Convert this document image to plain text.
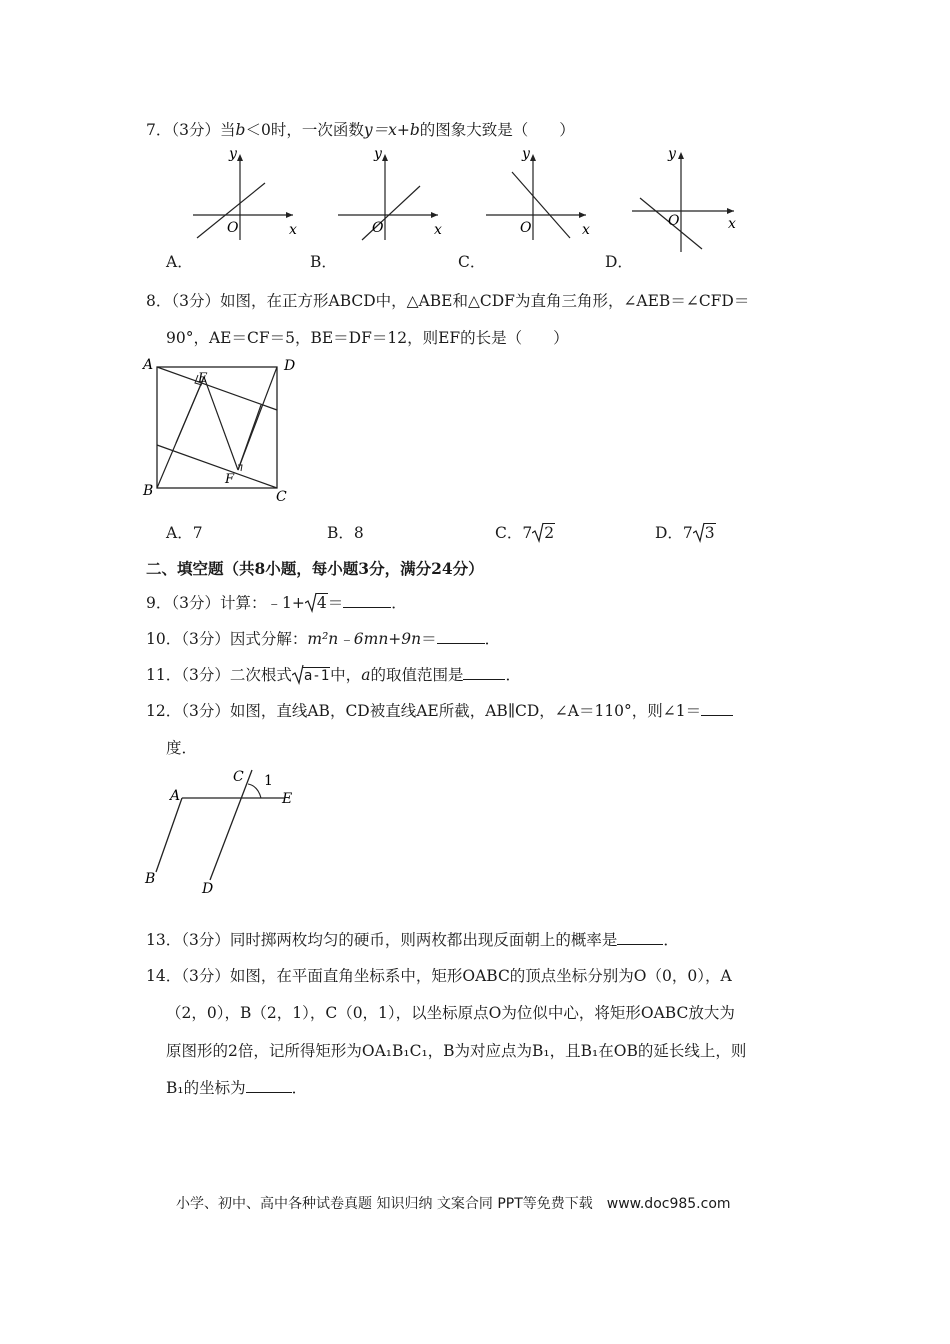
7．（3分）当b＜0时，一次函数y＝x+b的图象大致是（　　）
y
x
O
y
x
O
y
x
O
y
x
O
A．	B．	C．	D．
8．（3分）如图，在正方形ABCD中，△ABE和△CDF为直角三角形，∠AEB＝∠CFD＝
90°，AE＝CF＝5，BE＝DF＝12，则EF的长是（　　）
A	D
B	C
E
F
A．7	B．8	C．7 2	D．7 3
二、填空题（共8小题，每小题3分，满分24分）
9．（3分）计算：﹣1+ 4＝	．
10．（3分）因式分解：m²n﹣6mn+9n＝	．
11．（3分）二次根式 a-1中，a的取值范围是	．
12．（3分）如图，直线AB，CD被直线AE所截，AB∥CD，∠A＝110°，则∠1＝
度．
A
B
C
D
E
1
13．（3分）同时掷两枚均匀的硬币，则两枚都出现反面朝上的概率是	．
14．（3分）如图，在平面直角坐标系中，矩形OABC的顶点坐标分别为O（0，0），A
（2，0），B（2，1），C（0，1），以坐标原点O为位似中心，将矩形OABC放大为
原图形的2倍，记所得矩形为OA₁B₁C₁，B为对应点为B₁，且B₁在OB的延长线上，则
B₁的坐标为	．
小学、初中、高中各种试卷真题 知识归纳 文案合同 PPT等免费下载　www.doc985.com
